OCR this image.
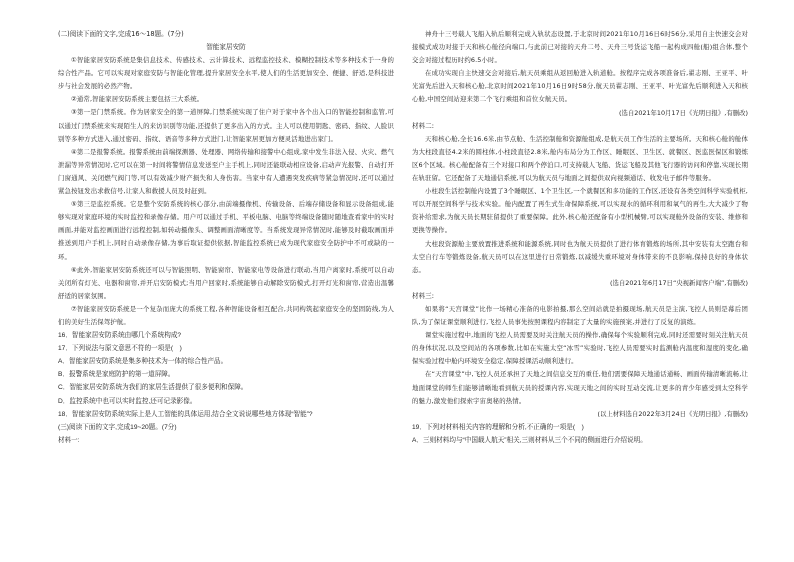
(二)阅读下面的文字,完成16～18题。(7分)

智能家居安防

①智能家居安防系统是集信息技术、传感技术、云计算技术、远程监控技术、模糊控制技术等多种技术于一身的综合性产品。它可以实现对家庭安防与智能化管理,提升家居安全水平,使人们的生活更加安全、便捷、舒适,是科技进步与社会发展的必然产物。

②通常,智能家居安防系统主要包括三大系统。

③第一是门禁系统。作为居家安全的第一道屏障,门禁系统实现了住户对于家中各个出入口的智能控制和监管,可以通过门禁系统来实现陌生人的来访识别等功能,还提供了更多出入的方式。主人可以使用钥匙、密码、指纹、人脸识别等多种方式进入,通过密码、指纹、语音等多种方式进门,让智能家居更加方便灵活地进出家门。

④第二是报警系统。报警系统由前端探测器、处理器、网络传输和接警中心组成,家中发生非法入侵、火灾、燃气泄漏等异常情况时,它可以在第一时间将警情信息发送至户主手机上,同时还能联动相应设备,启动声光报警、自动打开门窗通风、关闭燃气阀门等,可以有效减少财产损失和人身伤害。当家中有人遭遇突发疾病等紧急情况时,还可以通过紧急按钮发出求救信号,让家人和救援人员及时赶到。

⑤第三是监控系统。它是整个安防系统的核心部分,由前端摄像机、传输设备、后端存储设备和显示设备组成,能够实现对家庭环境的实时监控和录像存储。用户可以通过手机、平板电脑、电脑等终端设备随时随地查看家中的实时画面,并能对监控画面进行远程控制,如转动摄像头、调整画面清晰度等。当系统发现异常情况时,能够及时截取画面并推送到用户手机上,同时自动录像存储,为事后取证提供依据,智能监控系统已成为现代家庭安全防护中不可或缺的一环。

⑥此外,智能家居安防系统还可以与智能照明、智能窗帘、智能家电等设备进行联动,当用户离家时,系统可以自动关闭所有灯光、电器和窗帘,并开启安防模式;当用户回家时,系统能够自动解除安防模式,打开灯光和窗帘,营造出温馨舒适的居家氛围。

⑦智能家居安防系统是一个复杂而庞大的系统工程,各种智能设备相互配合,共同构筑起家庭安全的坚固防线,为人们的美好生活保驾护航。

16．智能家居安防系统由哪几个系统构成?

17．下列说法与原文意思不符的一项是(　)

A．智能家居安防系统是集多种技术为一体的综合性产品。

B．报警系统是家庭防护的第一道屏障。

C．智能家居安防系统为我们的家居生活提供了很多便利和保障。

D．监控系统中也可以实时监控,还可记录影像。

18．智能家居安防系统实际上是人工智能的具体运用,结合全文说说哪些地方体现“智能”?

(三)阅读下面的文字,完成19~20题。(7分)

材料一:

神舟十三号载人飞船入轨后顺利完成入轨状态设置,于北京时间2021年10月16日6时56分,采用自主快速交会对接模式成功对接于天和核心舱径向端口,与此前已对接的天舟二号、天舟三号货运飞船一起构成四舱(船)组合体,整个交会对接过程历时约6.5小时。

在成功实现自主快速交会对接后,航天员乘组从返回舱进入轨道舱。按程序完成各项准备后,翟志刚、王亚平、叶光富先后进入天和核心舱,北京时间2021年10月16日9时58分,航天员翟志刚、王亚平、叶光富先后顺利进入天和核心舱,中国空间站迎来第二个飞行乘组和首位女航天员。

(选自2021年10月17日《光明日报》,有删改)

材料二:

天和核心舱,全长16.6米,由节点舱、生活控制舱和资源舱组成,是航天员工作生活的主要场所。天和核心舱的舱体为大柱段直径4.2米的圆柱体,小柱段直径2.8米,舱内布局分为工作区、睡眠区、卫生区、就餐区、医监医保区和锻炼区6个区域。核心舱配备有三个对接口和两个停泊口,可支持载人飞船、货运飞船及其他飞行器的访问和停靠,实现长期在轨驻留。它还配备了天地通信系统,可以为航天员与地面之间提供双向视频通话、收发电子邮件等服务。

小柱段生活控制舱内设置了3个睡眠区、1个卫生区,一个就餐区和多功能的工作区,还设有各类空间科学实验机柜,可以开展空间科学与技术实验。舱内配置了再生式生命保障系统,可以实现水的循环利用和氧气的再生,大大减少了物资补给需求,为航天员长期驻留提供了重要保障。此外,核心舱还配备有小型机械臂,可以实现舱外设备的安装、维修和更换等操作。

大柱段资源舱主要放置推进系统和能源系统,同时也为航天员提供了进行体育锻炼的场所,其中安装有太空跑台和太空自行车等锻炼设备,航天员可以在这里进行日常锻炼,以减缓失重环境对身体带来的不良影响,保持良好的身体状态。

(选自2021年6月17日“央视新闻客户端”,有删改)

材料三:

如果将“天宫课堂”比作一场精心准备的电影拍摄,那么空间站就是拍摄现场,航天员是主演,飞控人员则是幕后团队,为了保证课堂顺利进行,飞控人员事先按照课程内容制定了大量的实施预案,并进行了反复的演练。

课堂实施过程中,地面的飞控人员需要及时关注航天员的操作,确保每个实验顺利完成,同时还需要时刻关注航天员的身体状况,以及空间站的各项参数,比如在实施太空“冰雪”实验时,飞控人员需要实时监测舱内温度和湿度的变化,确保实验过程中舱内环境安全稳定,保障授课活动顺利进行。

在“天宫课堂”中,飞控人员还承担了天地之间信息交互的重任,他们需要保障天地通话通畅、画面传输清晰流畅,让地面课堂的师生们能够清晰地看到航天员的授课内容,实现天地之间的实时互动交流,让更多的青少年感受到太空科学的魅力,激发他们探索宇宙奥秘的热情。

(以上材料选自2022年3月24日《光明日报》,有删改)

19．下列对材料相关内容的理解和分析,不正确的一项是(　)

A．三则材料均与“中国载人航天”相关,三则材料从三个不同的侧面进行介绍说明。
